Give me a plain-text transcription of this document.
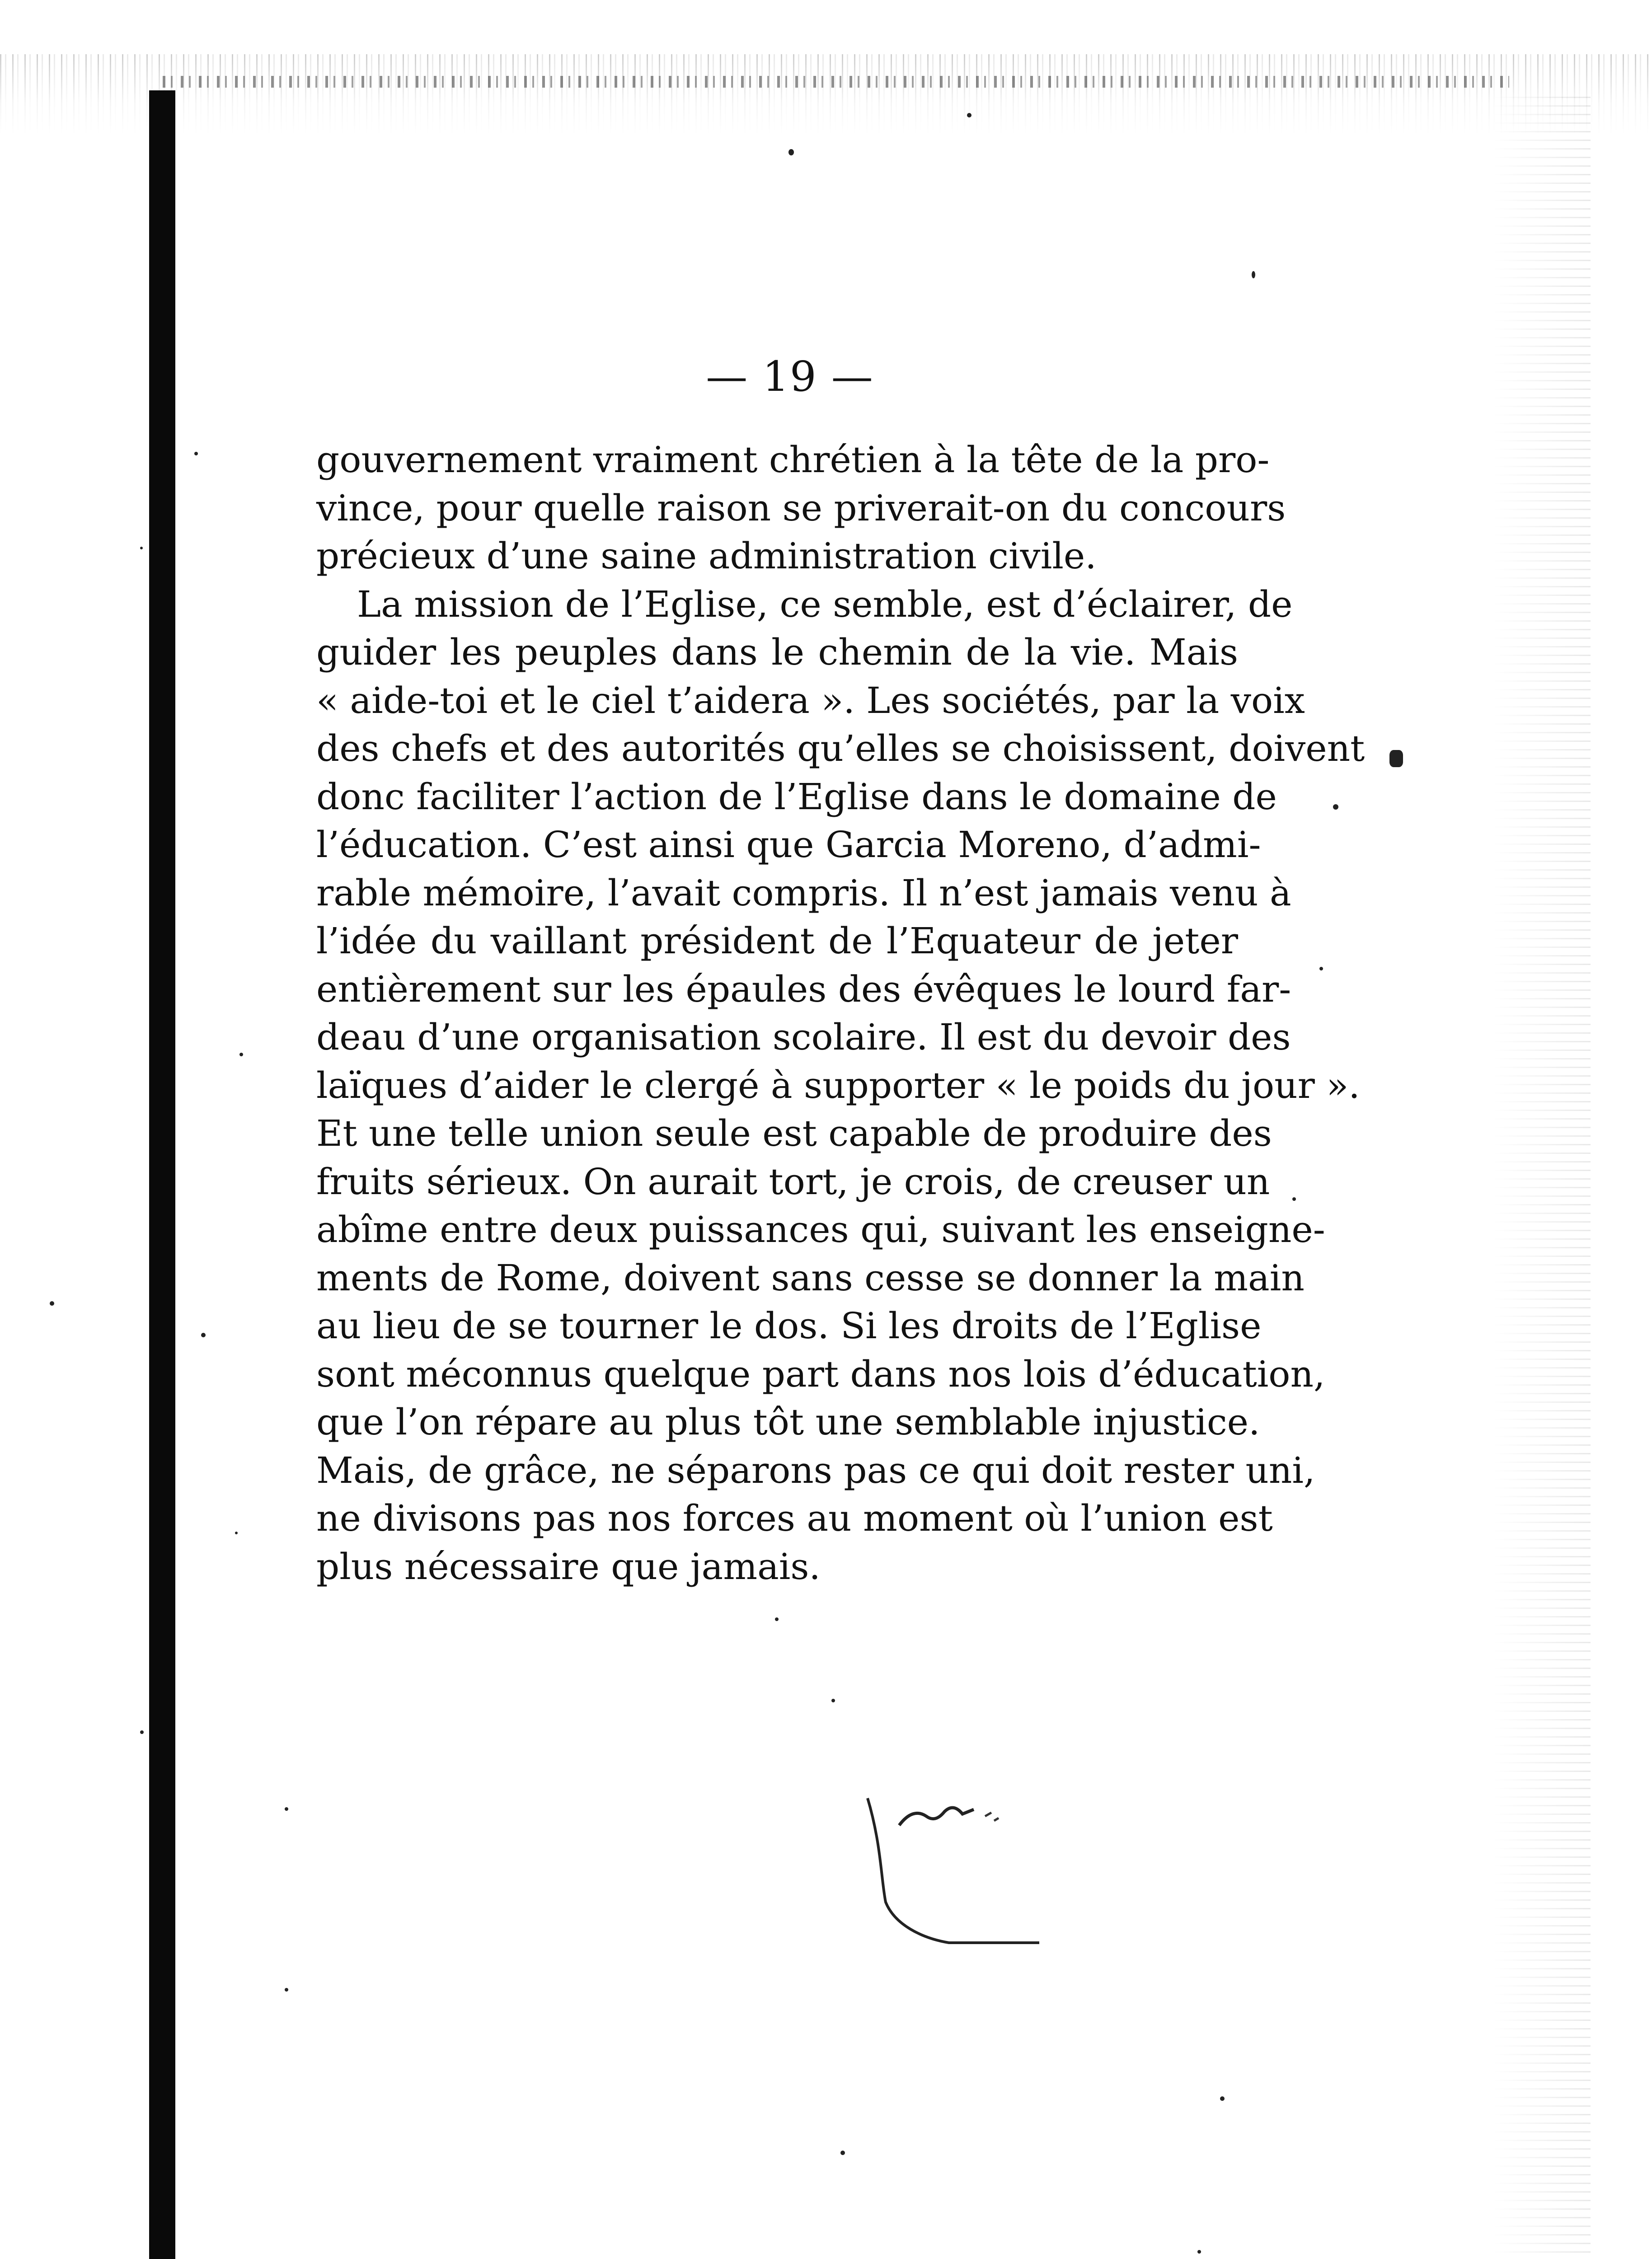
— 19 —
gouvernement vraiment chrétien à la tête de la pro-
vince, pour quelle raison se priverait-on du concours
précieux d’une saine administration civile.
La mission de l’Eglise, ce semble, est d’éclairer, de
guider les peuples dans le chemin de la vie. Mais
« aide-toi et le ciel t’aidera ». Les sociétés, par la voix
des chefs et des autorités qu’elles se choisissent, doivent
donc faciliter l’action de l’Eglise dans le domaine de
l’éducation. C’est ainsi que Garcia Moreno, d’admi-
rable mémoire, l’avait compris. Il n’est jamais venu à
l’idée du vaillant président de l’Equateur de jeter
entièrement sur les épaules des évêques le lourd far-
deau d’une organisation scolaire. Il est du devoir des
laïques d’aider le clergé à supporter « le poids du jour ».
Et une telle union seule est capable de produire des
fruits sérieux. On aurait tort, je crois, de creuser un
abîme entre deux puissances qui, suivant les enseigne-
ments de Rome, doivent sans cesse se donner la main
au lieu de se tourner le dos. Si les droits de l’Eglise
sont méconnus quelque part dans nos lois d’éducation,
que l’on répare au plus tôt une semblable injustice.
Mais, de grâce, ne séparons pas ce qui doit rester uni,
ne divisons pas nos forces au moment où l’union est
plus nécessaire que jamais.
